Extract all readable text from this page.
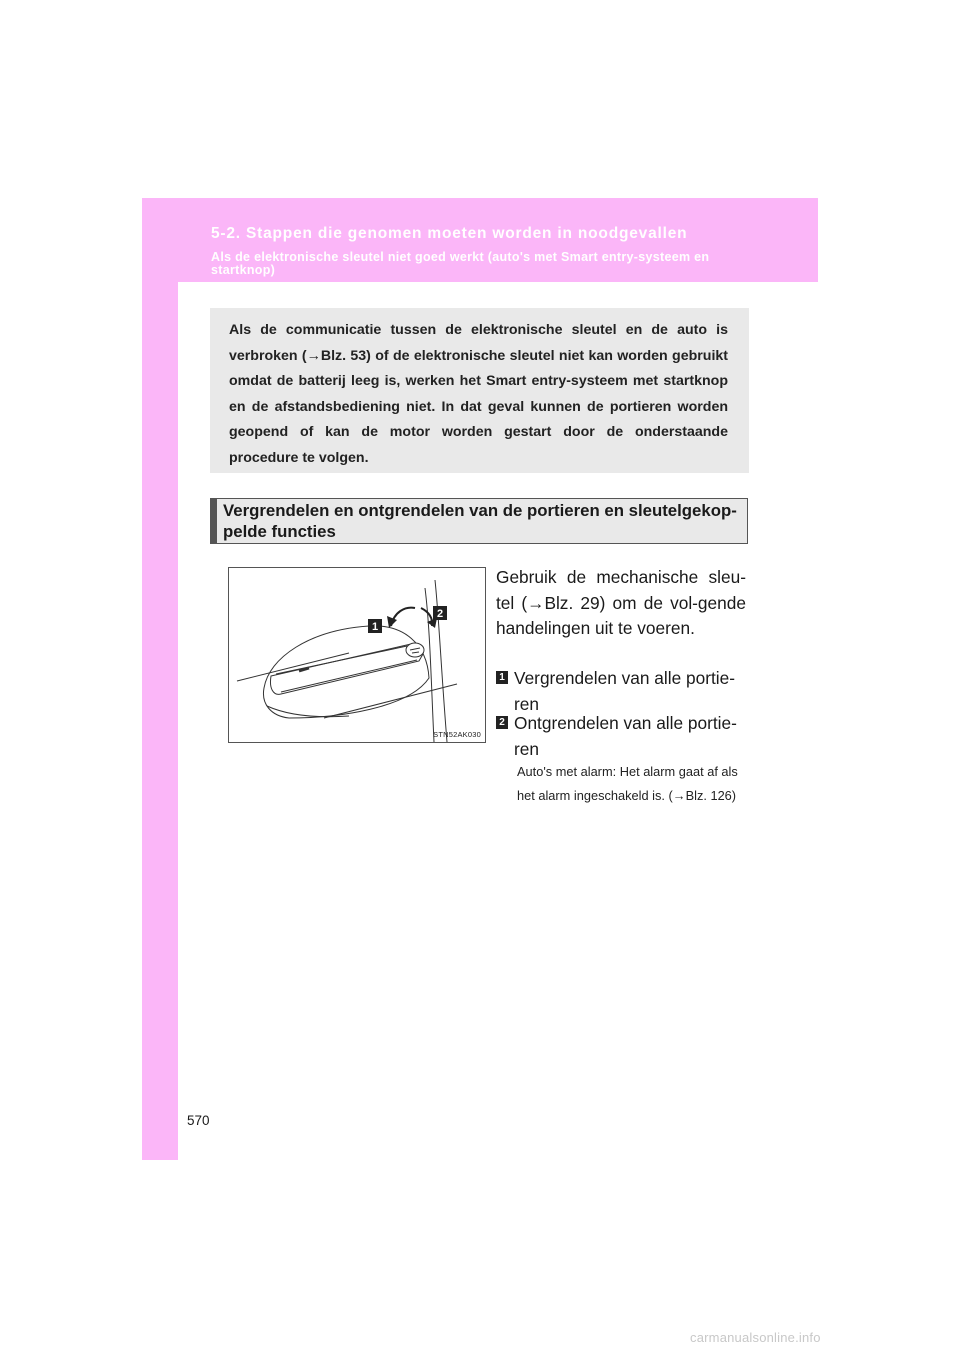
5-2. Stappen die genomen moeten worden in noodgevallen
Als de elektronische sleutel niet goed werkt (auto's met Smart entry-systeem en startknop)
Als de communicatie tussen de elektronische sleutel en de auto is verbroken (→Blz. 53) of de elektronische sleutel niet kan worden gebruikt omdat de batterij leeg is, werken het Smart entry-systeem met startknop en de afstandsbediening niet. In dat geval kunnen de portieren worden geopend of kan de motor worden gestart door de onderstaande procedure te volgen.
Vergrendelen en ontgrendelen van de portieren en sleutelgekop-pelde functies
1
2
STN52AK030
Gebruik de mechanische sleu-tel (→Blz. 29) om de vol-gende handelingen uit te voeren.
1 Vergrendelen van alle portie-ren
2 Ontgrendelen van alle portie-ren
Auto's met alarm: Het alarm gaat af als het alarm ingeschakeld is. (→Blz. 126)
570
carmanualsonline.info
